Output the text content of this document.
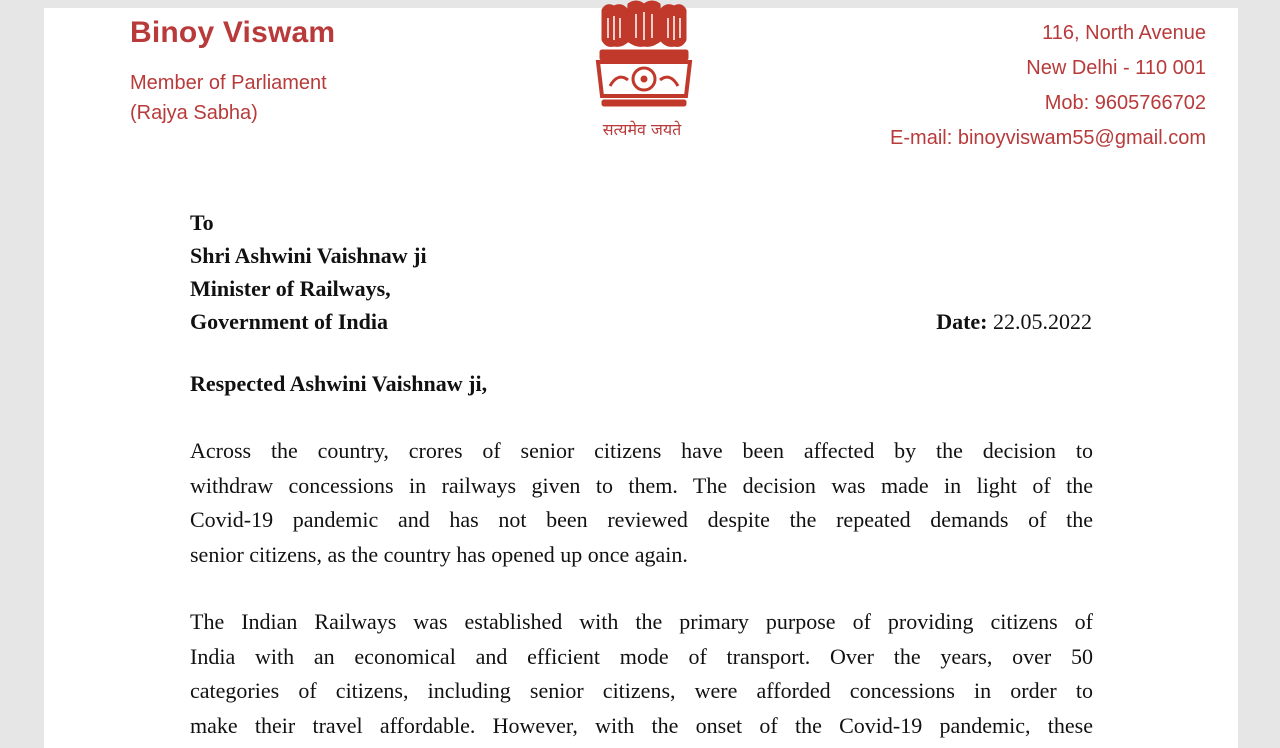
Binoy Viswam
Member of Parliament
(Rajya Sabha)
सत्यमेव जयते
116, North Avenue
New Delhi - 110 001
Mob: 9605766702
E-mail: binoyviswam55@gmail.com
To
Shri Ashwini Vaishnaw ji
Minister of Railways,
Government of India	Date: 22.05.2022
Respected Ashwini Vaishnaw ji,
Across the country, crores of senior citizens have been affected by the decision to
withdraw concessions in railways given to them. The decision was made in light of the
Covid-19 pandemic and has not been reviewed despite the repeated demands of the
senior citizens, as the country has opened up once again.
The Indian Railways was established with the primary purpose of providing citizens of
India with an economical and efficient mode of transport. Over the years, over 50
categories of citizens, including senior citizens, were afforded concessions in order to
make their travel affordable. However, with the onset of the Covid-19 pandemic, these
